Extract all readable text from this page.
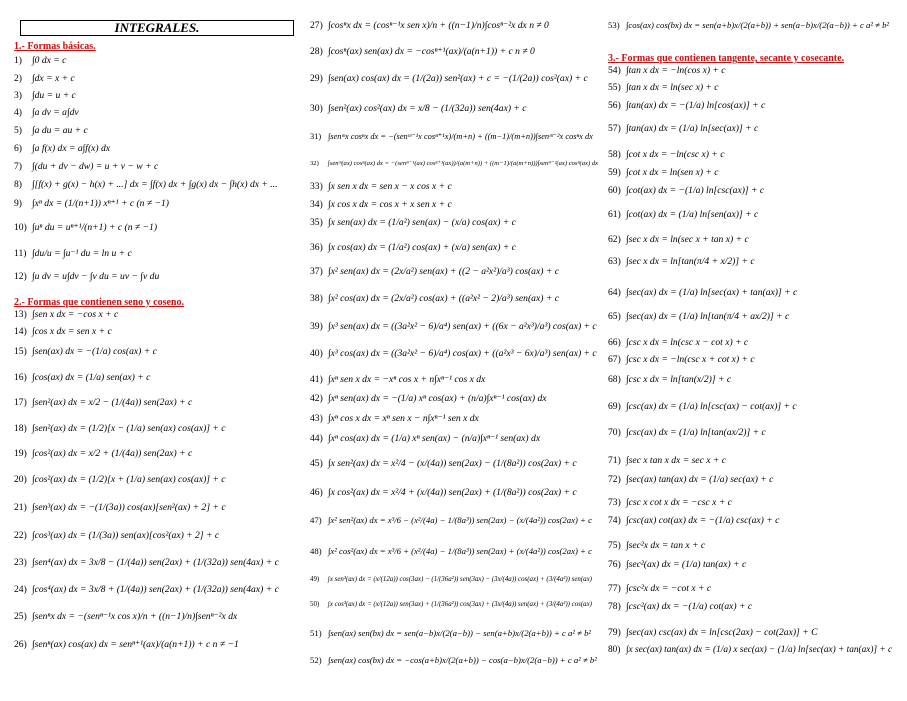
INTEGRALES.
1.- Formas básicas.
2.- Formas que contienen seno y coseno.
3.- Formas que contienen tangente, secante y cosecante.
1) ∫0 dx = c
2) ∫dx = x + c
3) ∫du = u + c
4) ∫a dv = a∫dv
5) ∫a du = au + c
6) ∫a f(x) dx = a∫f(x) dx
7) ∫(du + dv − dw) = u + v − w + c
8) ∫[f(x) + g(x) − h(x) + ...] dx = ∫f(x) dx + ∫g(x) dx − ∫h(x) dx + ...
9) ∫xⁿ dx = (1/(n+1)) xⁿ⁺¹ + c (n ≠ −1)
10) ∫uⁿ du = uⁿ⁺¹/(n+1) + c (n ≠ −1)
11) ∫du/u = ∫u⁻¹ du = ln u + c
12) ∫u dv = u∫dv − ∫v du = uv − ∫v du
13) ∫sen x dx = −cos x + c
14) ∫cos x dx = sen x + c
15) ∫sen(ax) dx = −(1/a) cos(ax) + c
16) ∫cos(ax) dx = (1/a) sen(ax) + c
17) ∫sen²(ax) dx = x/2 − (1/(4a)) sen(2ax) + c
18) ∫sen²(ax) dx = (1/2)[x − (1/a) sen(ax) cos(ax)] + c
19) ∫cos²(ax) dx = x/2 + (1/(4a)) sen(2ax) + c
20) ∫cos²(ax) dx = (1/2)[x + (1/a) sen(ax) cos(ax)] + c
21) ∫sen³(ax) dx = −(1/(3a)) cos(ax)[sen²(ax) + 2] + c
22) ∫cos³(ax) dx = (1/(3a)) sen(ax)[cos²(ax) + 2] + c
23) ∫sen⁴(ax) dx = 3x/8 − (1/(4a)) sen(2ax) + (1/(32a)) sen(4ax) + c
24) ∫cos⁴(ax) dx = 3x/8 + (1/(4a)) sen(2ax) + (1/(32a)) sen(4ax) + c
25) ∫senⁿx dx = −(senⁿ⁻¹x cos x)/n + ((n−1)/n)∫senⁿ⁻²x dx
26) ∫senⁿ(ax) cos(ax) dx = senⁿ⁺¹(ax)/(a(n+1)) + c n ≠ −1
27) ∫cosⁿx dx = (cosⁿ⁻¹x sen x)/n + ((n−1)/n)∫cosⁿ⁻²x dx n ≠ 0
28) ∫cosⁿ(ax) sen(ax) dx = −cosⁿ⁺¹(ax)/(a(n+1)) + c n ≠ 0
29) ∫sen(ax) cos(ax) dx = (1/(2a)) sen²(ax) + c = −(1/(2a)) cos²(ax) + c
30) ∫sen²(ax) cos²(ax) dx = x/8 − (1/(32a)) sen(4ax) + c
31) ∫senᵐx cosⁿx dx = −(senᵐ⁻¹x cosⁿ⁺¹x)/(m+n) + ((m−1)/(m+n))∫senᵐ⁻²x cosⁿx dx
32) ∫senᵐ(ax) cosⁿ(ax) dx = −(senᵐ⁻¹(ax) cosⁿ⁺¹(ax))/(a(m+n)) + ((m−1)/(a(m+n)))∫senᵐ⁻²(ax) cosⁿ(ax) dx
33) ∫x sen x dx = sen x − x cos x + c
34) ∫x cos x dx = cos x + x sen x + c
35) ∫x sen(ax) dx = (1/a²) sen(ax) − (x/a) cos(ax) + c
36) ∫x cos(ax) dx = (1/a²) cos(ax) + (x/a) sen(ax) + c
37) ∫x² sen(ax) dx = (2x/a²) sen(ax) + ((2 − a²x²)/a³) cos(ax) + c
38) ∫x² cos(ax) dx = (2x/a²) cos(ax) + ((a²x² − 2)/a³) sen(ax) + c
39) ∫x³ sen(ax) dx = ((3a²x² − 6)/a⁴) sen(ax) + ((6x − a²x³)/a³) cos(ax) + c
40) ∫x³ cos(ax) dx = ((3a²x² − 6)/a⁴) cos(ax) + ((a²x³ − 6x)/a³) sen(ax) + c
41) ∫xⁿ sen x dx = −xⁿ cos x + n∫xⁿ⁻¹ cos x dx
42) ∫xⁿ sen(ax) dx = −(1/a) xⁿ cos(ax) + (n/a)∫xⁿ⁻¹ cos(ax) dx
43) ∫xⁿ cos x dx = xⁿ sen x − n∫xⁿ⁻¹ sen x dx
44) ∫xⁿ cos(ax) dx = (1/a) xⁿ sen(ax) − (n/a)∫xⁿ⁻¹ sen(ax) dx
45) ∫x sen²(ax) dx = x²/4 − (x/(4a)) sen(2ax) − (1/(8a²)) cos(2ax) + c
46) ∫x cos²(ax) dx = x²/4 + (x/(4a)) sen(2ax) + (1/(8a²)) cos(2ax) + c
47) ∫x² sen²(ax) dx = x³/6 − (x²/(4a) − 1/(8a³)) sen(2ax) − (x/(4a²)) cos(2ax) + c
48) ∫x² cos²(ax) dx = x³/6 + (x²/(4a) − 1/(8a³)) sen(2ax) + (x/(4a²)) cos(2ax) + c
49) ∫x sen³(ax) dx = (x/(12a)) cos(3ax) − (1/(36a²)) sen(3ax) − (3x/(4a)) cos(ax) + (3/(4a²)) sen(ax)
50) ∫x cos³(ax) dx = (x/(12a)) sen(3ax) + (1/(36a²)) cos(3ax) + (3x/(4a)) sen(ax) + (3/(4a²)) cos(ax)
51) ∫sen(ax) sen(bx) dx = sen(a−b)x/(2(a−b)) − sen(a+b)x/(2(a+b)) + c a² ≠ b²
52) ∫sen(ax) cos(bx) dx = −cos(a+b)x/(2(a+b)) − cos(a−b)x/(2(a−b)) + c a² ≠ b²
53) ∫cos(ax) cos(bx) dx = sen(a+b)x/(2(a+b)) + sen(a−b)x/(2(a−b)) + c a² ≠ b²
54) ∫tan x dx = −ln(cos x) + c
55) ∫tan x dx = ln(sec x) + c
56) ∫tan(ax) dx = −(1/a) ln[cos(ax)] + c
57) ∫tan(ax) dx = (1/a) ln[sec(ax)] + c
58) ∫cot x dx = −ln(csc x) + c
59) ∫cot x dx = ln(sen x) + c
60) ∫cot(ax) dx = −(1/a) ln[csc(ax)] + c
61) ∫cot(ax) dx = (1/a) ln[sen(ax)] + c
62) ∫sec x dx = ln(sec x + tan x) + c
63) ∫sec x dx = ln[tan(π/4 + x/2)] + c
64) ∫sec(ax) dx = (1/a) ln[sec(ax) + tan(ax)] + c
65) ∫sec(ax) dx = (1/a) ln[tan(π/4 + ax/2)] + c
66) ∫csc x dx = ln(csc x − cot x) + c
67) ∫csc x dx = −ln(csc x + cot x) + c
68) ∫csc x dx = ln[tan(x/2)] + c
69) ∫csc(ax) dx = (1/a) ln[csc(ax) − cot(ax)] + c
70) ∫csc(ax) dx = (1/a) ln[tan(ax/2)] + c
71) ∫sec x tan x dx = sec x + c
72) ∫sec(ax) tan(ax) dx = (1/a) sec(ax) + c
73) ∫csc x cot x dx = −csc x + c
74) ∫csc(ax) cot(ax) dx = −(1/a) csc(ax) + c
75) ∫sec²x dx = tan x + c
76) ∫sec²(ax) dx = (1/a) tan(ax) + c
77) ∫csc²x dx = −cot x + c
78) ∫csc²(ax) dx = −(1/a) cot(ax) + c
79) ∫sec(ax) csc(ax) dx = ln[csc(2ax) − cot(2ax)] + C
80) ∫x sec(ax) tan(ax) dx = (1/a) x sec(ax) − (1/a) ln[sec(ax) + tan(ax)] + c
